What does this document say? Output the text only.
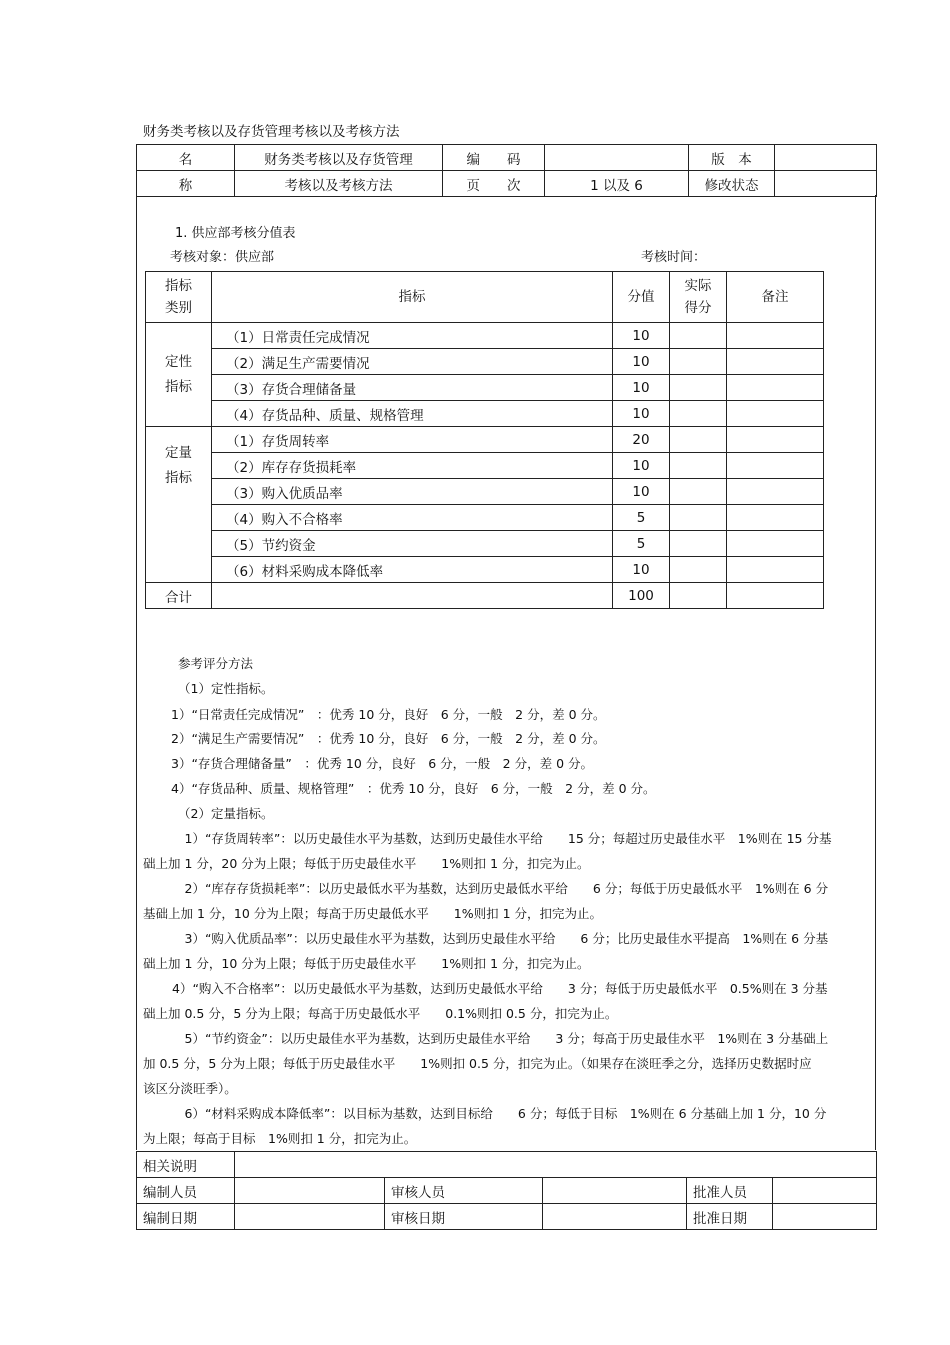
财务类考核以及存货管理考核以及考核方法
名	财务类考核以及存货管理	编　　码		版　本	
称	考核以及考核方法	页　　次	1 以及 6	修改状态	
1. 供应部考核分值表
考核对象：供应部	考核时间：
指标
类别	指标	分值	实际
得分	备注
定性
指标	（1）日常责任完成情况	10		
	（2）满足生产需要情况	10		
	（3）存货合理储备量	10		
	（4）存货品种、质量、规格管理	10		
定量
指标	（1）存货周转率	20		
	（2）库存存货损耗率	10		
	（3）购入优质品率	10		
	（4）购入不合格率	5		
	（5）节约资金	5		
	（6）材料采购成本降低率	10		
合计		100		
参考评分方法
（1）定性指标。
1）“日常责任完成情况”　：优秀 10 分，良好　6 分，一般　2 分，差 0 分。
2）“满足生产需要情况”　：优秀 10 分，良好　6 分，一般　2 分，差 0 分。
3）“存货合理储备量”　：优秀 10 分，良好　6 分，一般　2 分，差 0 分。
4）“存货品种、质量、规格管理”　：优秀 10 分，良好　6 分，一般　2 分，差 0 分。
（2）定量指标。
　1）“存货周转率”：以历史最佳水平为基数，达到历史最佳水平给　　15 分；每超过历史最佳水平　1%则在 15 分基
础上加 1 分，20 分为上限；每低于历史最佳水平　　1%则扣 1 分，扣完为止。
　2）“库存存货损耗率”：以历史最低水平为基数，达到历史最低水平给　　6 分；每低于历史最低水平　1%则在 6 分
基础上加 1 分，10 分为上限；每高于历史最低水平　　1%则扣 1 分，扣完为止。
　3）“购入优质品率”：以历史最佳水平为基数，达到历史最佳水平给　　6 分；比历史最佳水平提高　1%则在 6 分基
础上加 1 分，10 分为上限；每低于历史最佳水平　　1%则扣 1 分，扣完为止。
4）“购入不合格率”：以历史最低水平为基数，达到历史最低水平给　　3 分；每低于历史最低水平　0.5%则在 3 分基
础上加 0.5 分，5 分为上限；每高于历史最低水平　　0.1%则扣 0.5 分，扣完为止。
　5）“节约资金”：以历史最佳水平为基数，达到历史最佳水平给　　3 分；每高于历史最佳水平　1%则在 3 分基础上
加 0.5 分，5 分为上限；每低于历史最佳水平　　1%则扣 0.5 分，扣完为止。（如果存在淡旺季之分，选择历史数据时应
该区分淡旺季）。
　6）“材料采购成本降低率”：以目标为基数，达到目标给　　6 分；每低于目标　1%则在 6 分基础上加 1 分，10 分
为上限；每高于目标　1%则扣 1 分，扣完为止。
相关说明					
编制人员		审核人员		批准人员	
编制日期		审核日期		批准日期	
